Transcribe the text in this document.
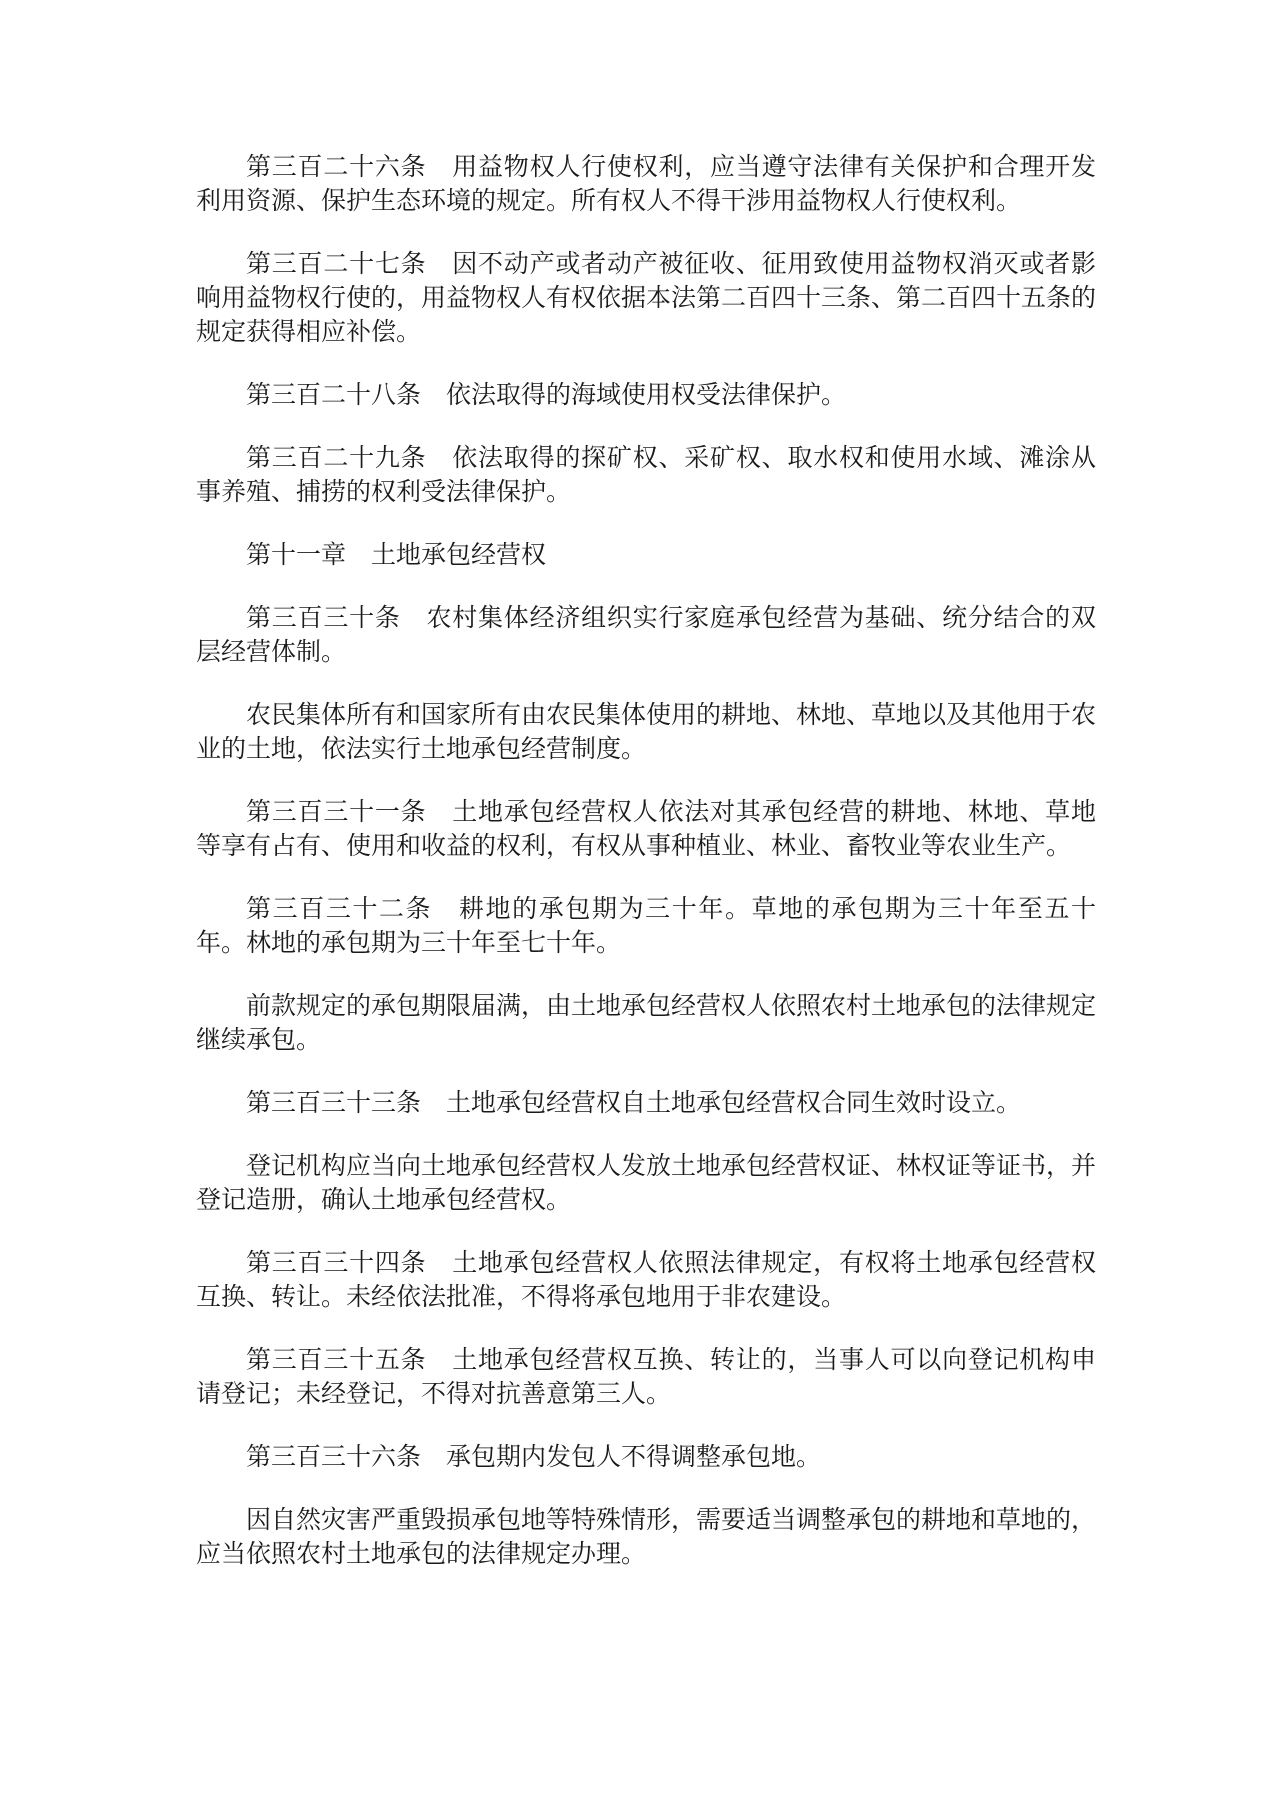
第三百二十六条 用益物权人行使权利，应当遵守法律有关保护和合理开发利用资源、保护生态环境的规定。所有权人不得干涉用益物权人行使权利。

第三百二十七条 因不动产或者动产被征收、征用致使用益物权消灭或者影响用益物权行使的，用益物权人有权依据本法第二百四十三条、第二百四十五条的规定获得相应补偿。

第三百二十八条 依法取得的海域使用权受法律保护。

第三百二十九条 依法取得的探矿权、采矿权、取水权和使用水域、滩涂从事养殖、捕捞的权利受法律保护。

第十一章 土地承包经营权

第三百三十条 农村集体经济组织实行家庭承包经营为基础、统分结合的双层经营体制。

农民集体所有和国家所有由农民集体使用的耕地、林地、草地以及其他用于农业的土地，依法实行土地承包经营制度。

第三百三十一条 土地承包经营权人依法对其承包经营的耕地、林地、草地等享有占有、使用和收益的权利，有权从事种植业、林业、畜牧业等农业生产。

第三百三十二条 耕地的承包期为三十年。草地的承包期为三十年至五十年。林地的承包期为三十年至七十年。

前款规定的承包期限届满，由土地承包经营权人依照农村土地承包的法律规定继续承包。

第三百三十三条 土地承包经营权自土地承包经营权合同生效时设立。

登记机构应当向土地承包经营权人发放土地承包经营权证、林权证等证书，并登记造册，确认土地承包经营权。

第三百三十四条 土地承包经营权人依照法律规定，有权将土地承包经营权互换、转让。未经依法批准，不得将承包地用于非农建设。

第三百三十五条 土地承包经营权互换、转让的，当事人可以向登记机构申请登记；未经登记，不得对抗善意第三人。

第三百三十六条 承包期内发包人不得调整承包地。

因自然灾害严重毁损承包地等特殊情形，需要适当调整承包的耕地和草地的，应当依照农村土地承包的法律规定办理。
